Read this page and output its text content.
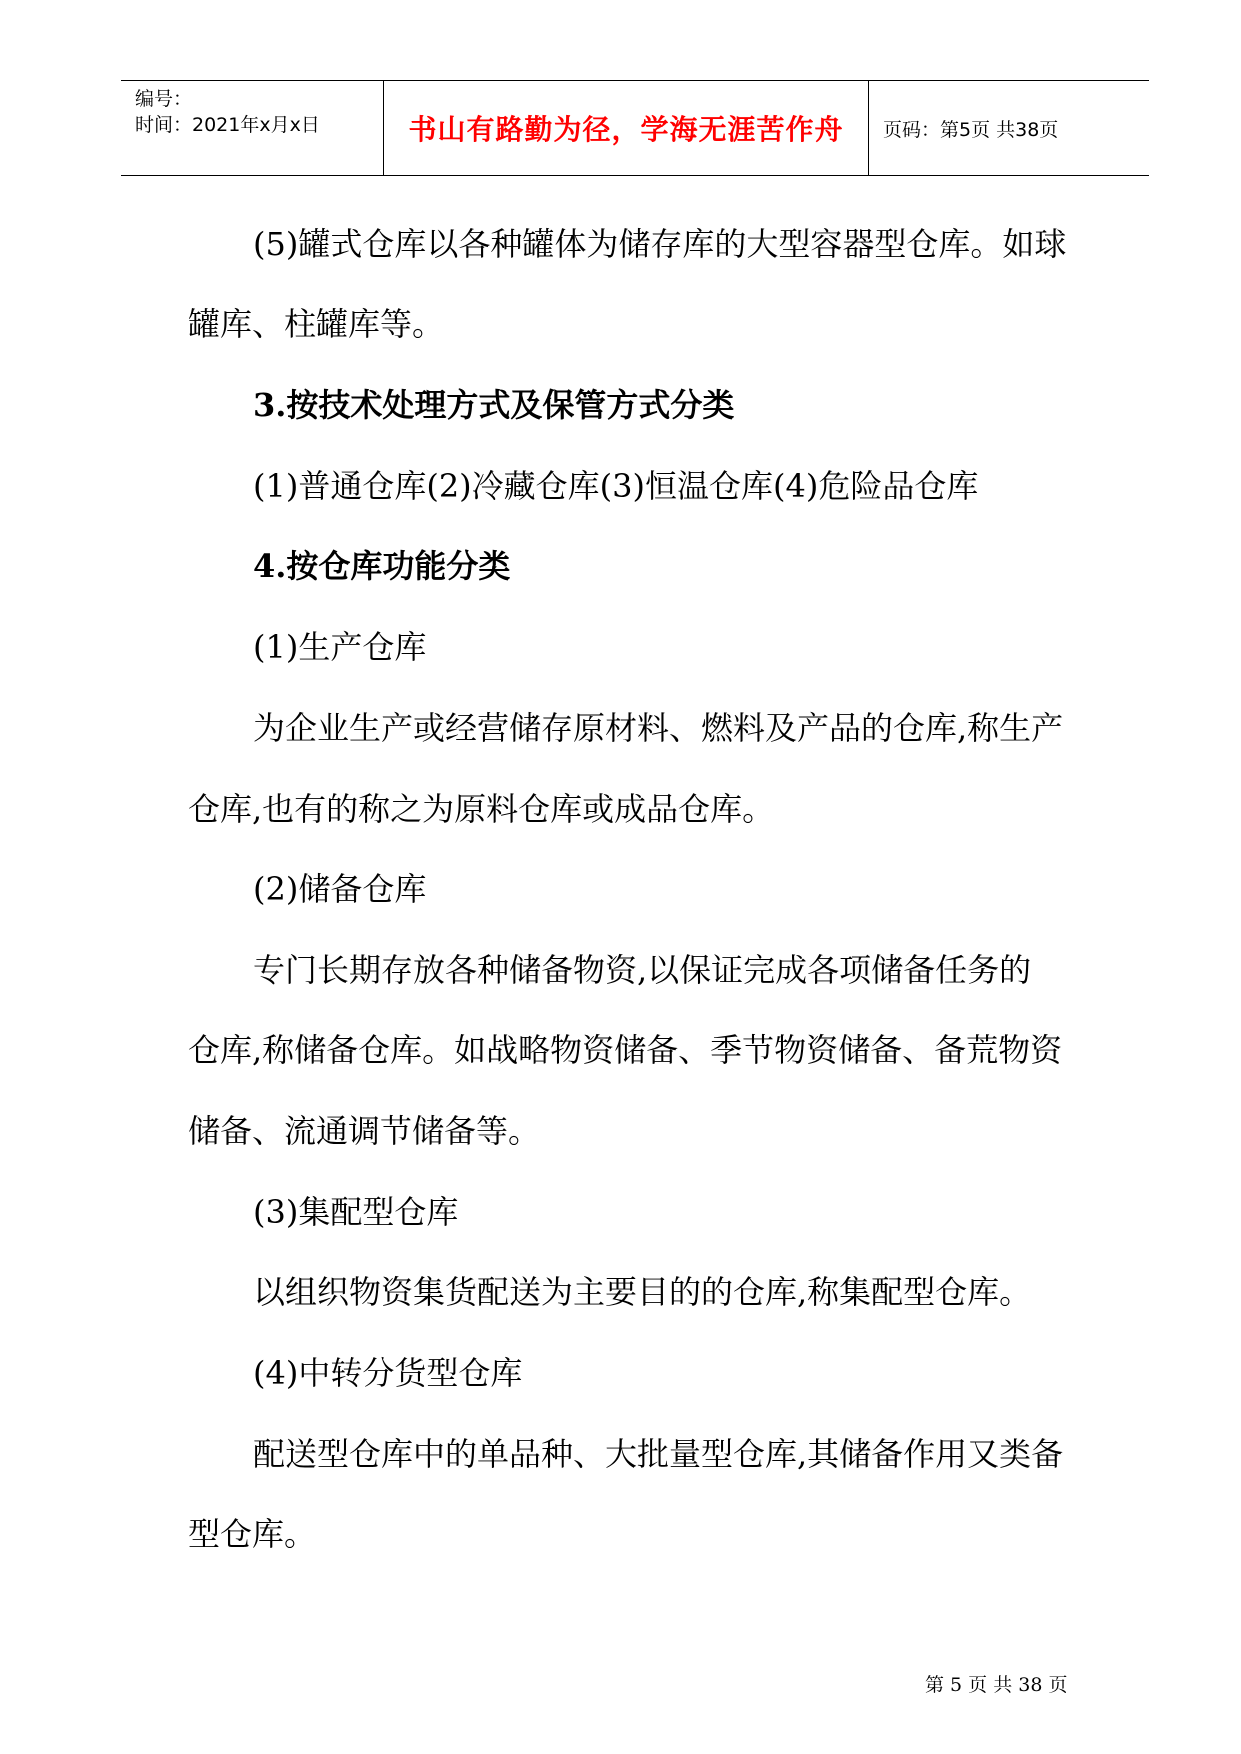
编号：
时间：2021年x月x日	书山有路勤为径，学海无涯苦作舟 页码：第5页 共38页
(5)罐式仓库以各种罐体为储存库的大型容器型仓库。如球
罐库、柱罐库等。
3.按技术处理方式及保管方式分类
(1)普通仓库(2)冷藏仓库(3)恒温仓库(4)危险品仓库
4.按仓库功能分类
(1)生产仓库
为企业生产或经营储存原材料、燃料及产品的仓库,称生产
仓库,也有的称之为原料仓库或成品仓库。
(2)储备仓库
专门长期存放各种储备物资,以保证完成各项储备任务的
仓库,称储备仓库。如战略物资储备、季节物资储备、备荒物资
储备、流通调节储备等。
(3)集配型仓库
以组织物资集货配送为主要目的的仓库,称集配型仓库。
(4)中转分货型仓库
配送型仓库中的单品种、大批量型仓库,其储备作用又类备
型仓库。
第 5 页 共 38 页
